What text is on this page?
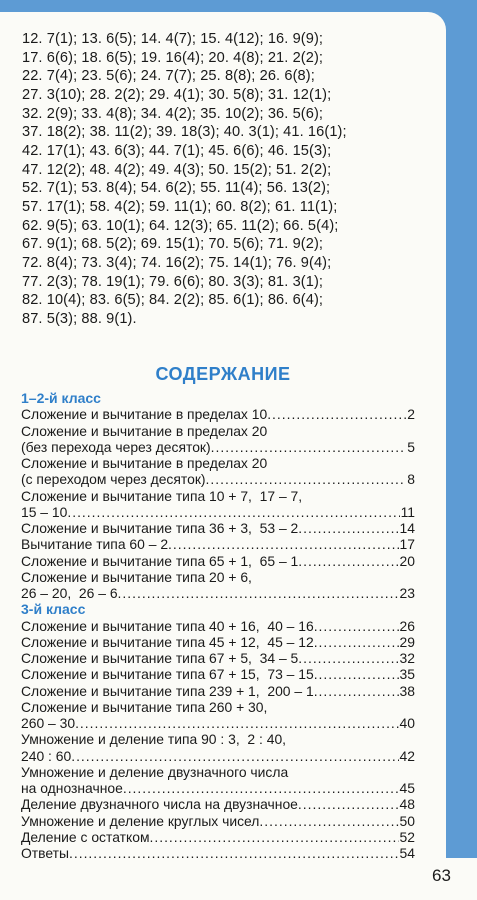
12. 7(1); 13. 6(5); 14. 4(7); 15. 4(12); 16. 9(9);
17. 6(6); 18. 6(5); 19. 16(4); 20. 4(8); 21. 2(2);
22. 7(4); 23. 5(6); 24. 7(7); 25. 8(8); 26. 6(8);
27. 3(10); 28. 2(2); 29. 4(1); 30. 5(8); 31. 12(1);
32. 2(9); 33. 4(8); 34. 4(2); 35. 10(2); 36. 5(6);
37. 18(2); 38. 11(2); 39. 18(3); 40. 3(1); 41. 16(1);
42. 17(1); 43. 6(3); 44. 7(1); 45. 6(6); 46. 15(3);
47. 12(2); 48. 4(2); 49. 4(3); 50. 15(2); 51. 2(2);
52. 7(1); 53. 8(4); 54. 6(2); 55. 11(4); 56. 13(2);
57. 17(1); 58. 4(2); 59. 11(1); 60. 8(2); 61. 11(1);
62. 9(5); 63. 10(1); 64. 12(3); 65. 11(2); 66. 5(4);
67. 9(1); 68. 5(2); 69. 15(1); 70. 5(6); 71. 9(2);
72. 8(4); 73. 3(4); 74. 16(2); 75. 14(1); 76. 9(4);
77. 2(3); 78. 19(1); 79. 6(6); 80. 3(3); 81. 3(1);
82. 10(4); 83. 6(5); 84. 2(2); 85. 6(1); 86. 6(4);
87. 5(3); 88. 9(1).
СОДЕРЖАНИЕ
1–2-й класс
Сложение и вычитание в пределах 10 .....	2
Сложение и вычитание в пределах 20
(без перехода через десяток) .....	5
Сложение и вычитание в пределах 20
(с переходом через десяток) .....	8
Сложение и вычитание типа 10 + 7,  17 – 7,
15 – 10 .....	11
Сложение и вычитание типа 36 + 3,  53 – 2 .....	14
Вычитание типа 60 – 2 .....	17
Сложение и вычитание типа 65 + 1,  65 – 1 .....	20
Сложение и вычитание типа 20 + 6,
26 – 20,  26 – 6 .....	23
3-й класс
Сложение и вычитание типа 40 + 16,  40 – 16 .....	26
Сложение и вычитание типа 45 + 12,  45 – 12 .....	29
Сложение и вычитание типа 67 + 5,  34 – 5 .....	32
Сложение и вычитание типа 67 + 15,  73 – 15 .....	35
Сложение и вычитание типа 239 + 1,  200 – 1 .....	38
Сложение и вычитание типа 260 + 30,
260 – 30 .....	40
Умножение и деление типа 90 : 3,  2 : 40,
240 : 60 .....	42
Умножение и деление двузначного числа
на однозначное .....	45
Деление двузначного числа на двузначное .....	48
Умножение и деление круглых чисел .....	50
Деление с остатком .....	52
Ответы .....	54
63
